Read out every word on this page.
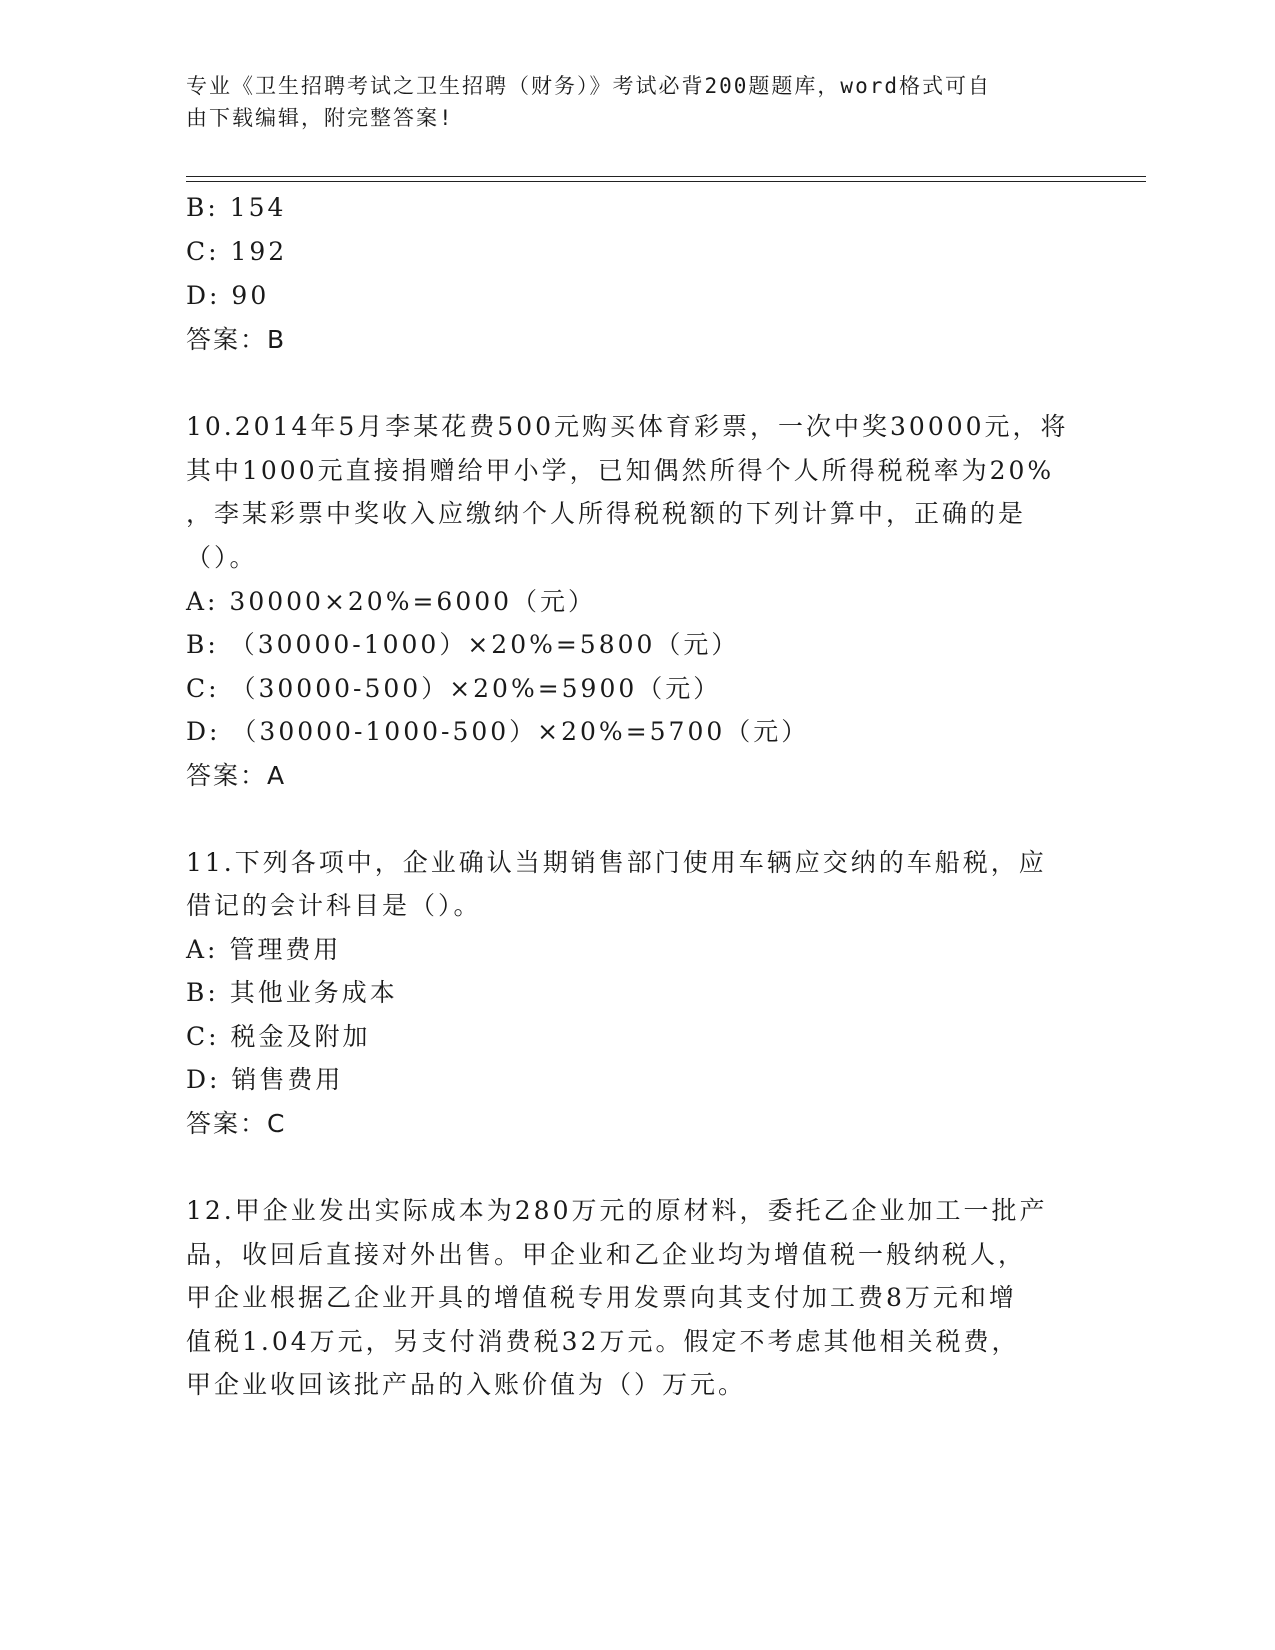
专业《卫生招聘考试之卫生招聘（财务）》考试必背200题题库，word格式可自
由下载编辑，附完整答案!
B: 154
C: 192
D: 90
答案：B
10.2014年5月李某花费500元购买体育彩票，一次中奖30000元，将
其中1000元直接捐赠给甲小学，已知偶然所得个人所得税税率为20%
，李某彩票中奖收入应缴纳个人所得税税额的下列计算中，正确的是
（）。
A: 30000×20%=6000（元）
B: （30000-1000）×20%=5800（元）
C: （30000-500）×20%=5900（元）
D: （30000-1000-500）×20%=5700（元）
答案：A
11.下列各项中，企业确认当期销售部门使用车辆应交纳的车船税，应
借记的会计科目是（）。
A: 管理费用
B: 其他业务成本
C: 税金及附加
D: 销售费用
答案：C
12.甲企业发出实际成本为280万元的原材料，委托乙企业加工一批产
品，收回后直接对外出售。甲企业和乙企业均为增值税一般纳税人，
甲企业根据乙企业开具的增值税专用发票向其支付加工费8万元和增
值税1.04万元，另支付消费税32万元。假定不考虑其他相关税费，
甲企业收回该批产品的入账价值为（）万元。
